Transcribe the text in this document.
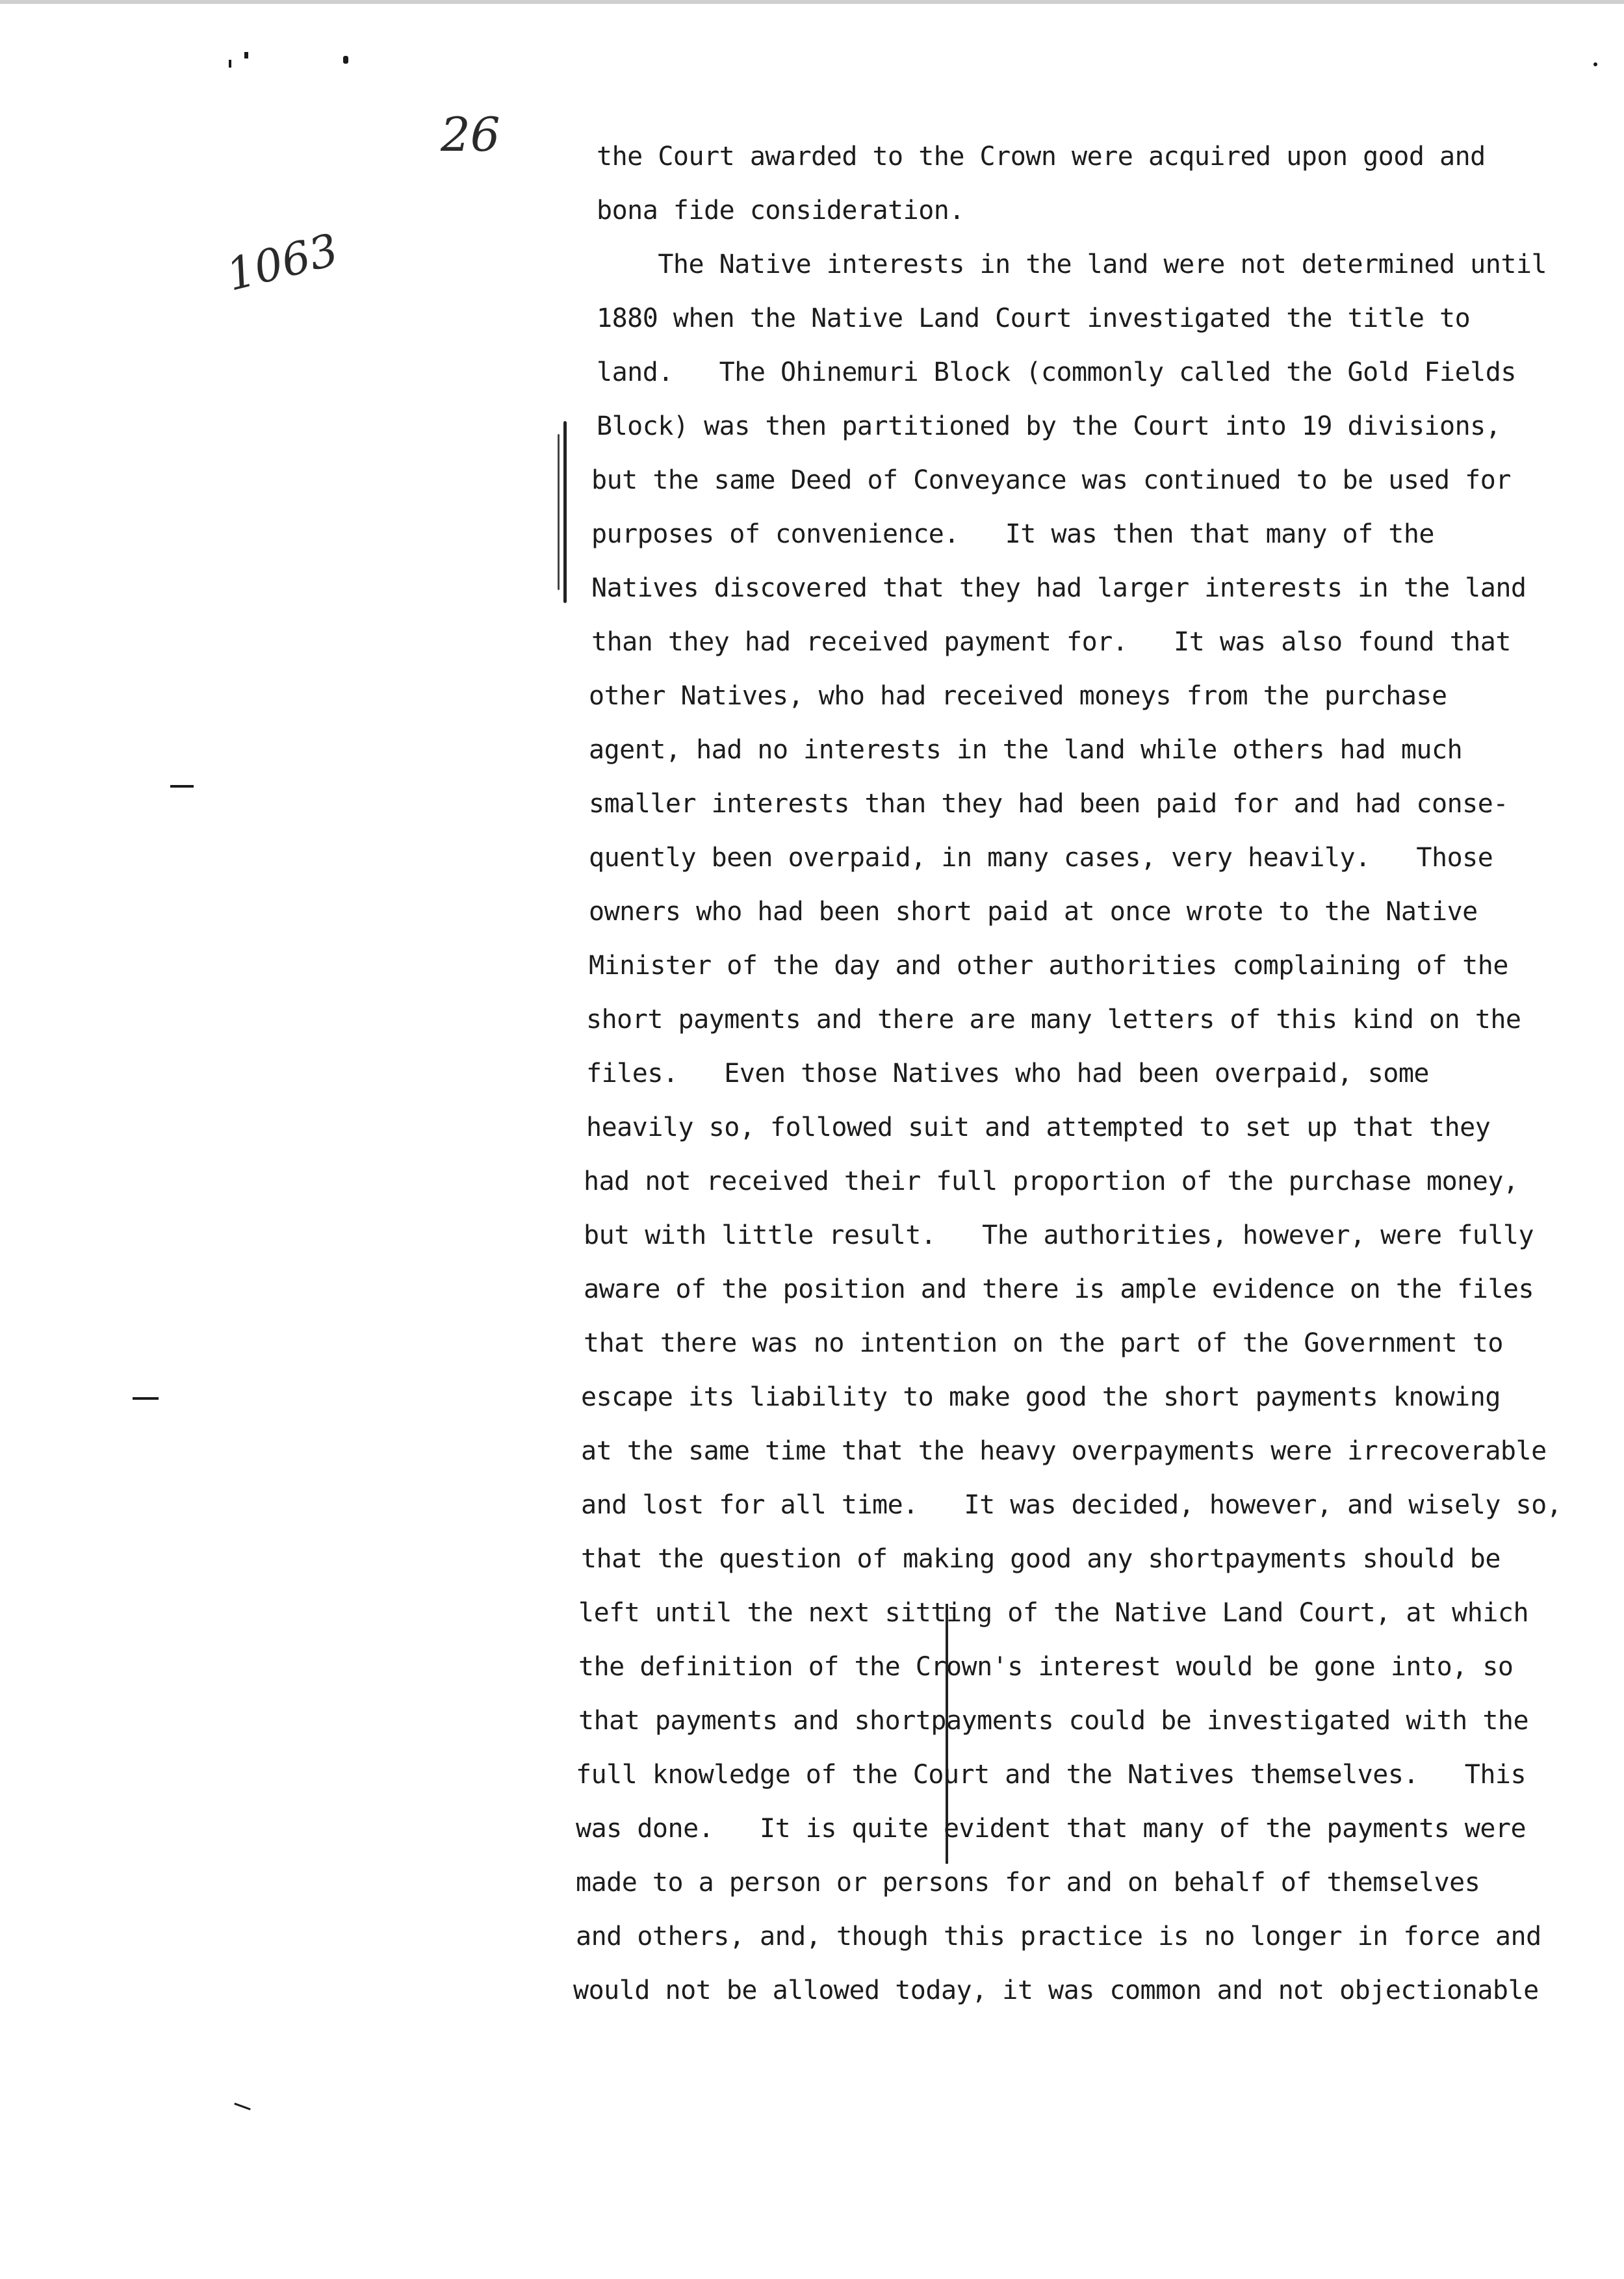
26
1063
the Court awarded to the Crown were acquired upon good and
bona fide consideration.
The Native interests in the land were not determined until
1880 when the Native Land Court investigated the title to
land.   The Ohinemuri Block (commonly called the Gold Fields
Block) was then partitioned by the Court into 19 divisions,
but the same Deed of Conveyance was continued to be used for
purposes of convenience.   It was then that many of the
Natives discovered that they had larger interests in the land
than they had received payment for.   It was also found that
other Natives, who had received moneys from the purchase
agent, had no interests in the land while others had much
smaller interests than they had been paid for and had conse-
quently been overpaid, in many cases, very heavily.   Those
owners who had been short paid at once wrote to the Native
Minister of the day and other authorities complaining of the
short payments and there are many letters of this kind on the
files.   Even those Natives who had been overpaid, some
heavily so, followed suit and attempted to set up that they
had not received their full proportion of the purchase money,
but with little result.   The authorities, however, were fully
aware of the position and there is ample evidence on the files
that there was no intention on the part of the Government to
escape its liability to make good the short payments knowing
at the same time that the heavy overpayments were irrecoverable
and lost for all time.   It was decided, however, and wisely so,
that the question of making good any shortpayments should be
left until the next sitting of the Native Land Court, at which
the definition of the Crown's interest would be gone into, so
that payments and shortpayments could be investigated with the
full knowledge of the Court and the Natives themselves.   This
was done.   It is quite evident that many of the payments were
made to a person or persons for and on behalf of themselves
and others, and, though this practice is no longer in force and
would not be allowed today, it was common and not objectionable
